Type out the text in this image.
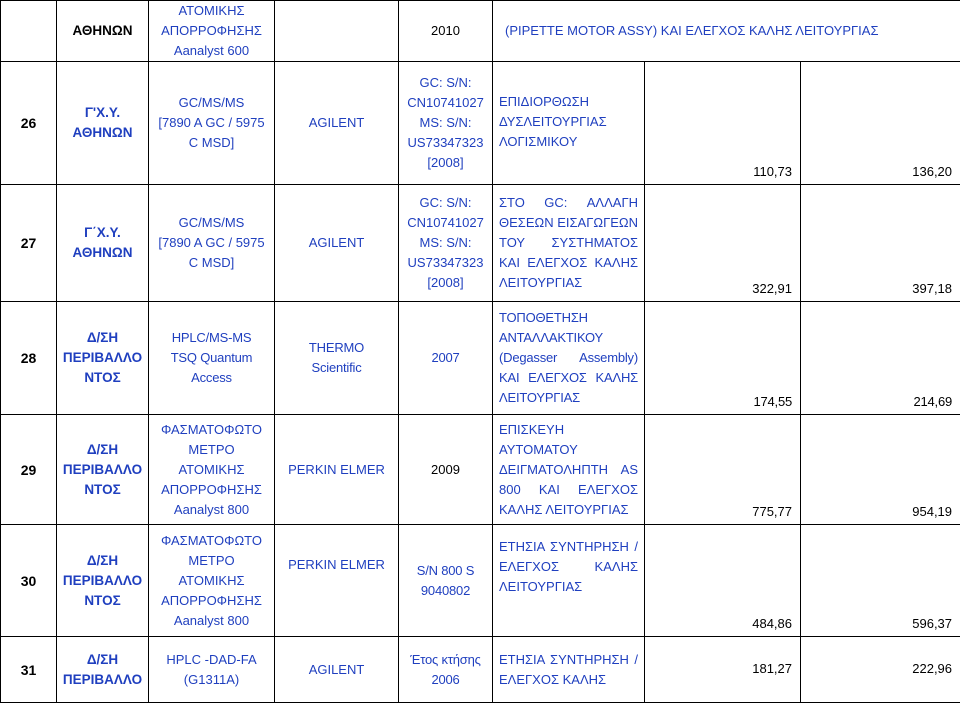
	ΑΘΗΝΩΝ	ΑΤΟΜΙΚΗΣ
ΑΠΟΡΡΟΦΗΣΗΣ
Aanalyst 600		2010	(PIPETTE MOTOR ASSY) ΚΑΙ ΕΛΕΓΧΟΣ ΚΑΛΗΣ ΛΕΙΤΟΥΡΓΙΑΣ		
26	Γ'Χ.Υ.
ΑΘΗΝΩΝ	GC/MS/MS
[7890 A GC / 5975
C MSD]	AGILENT	GC: S/N:
CN10741027
MS: S/N:
US73347323
[2008]	ΕΠΙΔΙΟΡΘΩΣΗ
ΔΥΣΛΕΙΤΟΥΡΓΙΑΣ
ΛΟΓΙΣΜΙΚΟΥ	110,73	136,20
27	Γ΄Χ.Υ.
ΑΘΗΝΩΝ	GC/MS/MS
[7890 A GC / 5975
C MSD]	AGILENT	GC: S/N:
CN10741027
MS: S/N:
US73347323
[2008]	ΣΤΟ GC: ΑΛΛΑΓΗ ΘΕΣΕΩΝ ΕΙΣΑΓΩΓΕΩΝ ΤΟΥ ΣΥΣΤΗΜΑΤΟΣ ΚΑΙ ΕΛΕΓΧΟΣ ΚΑΛΗΣ ΛΕΙΤΟΥΡΓΙΑΣ	322,91	397,18
28	Δ/ΣΗ
ΠΕΡΙΒΑΛΛΟ
ΝΤΟΣ	HPLC/MS-MS
TSQ Quantum
Access	THERMO
Scientific	2007	ΤΟΠΟΘΕΤΗΣΗ ΑΝΤΑΛΛΑΚΤΙΚΟΥ (Degasser Assembly) ΚΑΙ ΕΛΕΓΧΟΣ ΚΑΛΗΣ ΛΕΙΤΟΥΡΓΙΑΣ	174,55	214,69
29	Δ/ΣΗ
ΠΕΡΙΒΑΛΛΟ
ΝΤΟΣ	ΦΑΣΜΑΤΟΦΩΤΟ
ΜΕΤΡΟ
ΑΤΟΜΙΚΗΣ
ΑΠΟΡΡΟΦΗΣΗΣ
Aanalyst 800	PERKIN ELMER	2009	ΕΠΙΣΚΕΥΗ ΑΥΤΟΜΑΤΟΥ ΔΕΙΓΜΑΤΟΛΗΠΤΗ AS 800 ΚΑΙ ΕΛΕΓΧΟΣ ΚΑΛΗΣ ΛΕΙΤΟΥΡΓΙΑΣ	775,77	954,19
30	Δ/ΣΗ
ΠΕΡΙΒΑΛΛΟ
ΝΤΟΣ	ΦΑΣΜΑΤΟΦΩΤΟ
ΜΕΤΡΟ
ΑΤΟΜΙΚΗΣ
ΑΠΟΡΡΟΦΗΣΗΣ
Aanalyst 800	PERKIN ELMER	S/N 800 S
9040802	ΕΤΗΣΙΑ ΣΥΝΤΗΡΗΣΗ / ΕΛΕΓΧΟΣ ΚΑΛΗΣ ΛΕΙΤΟΥΡΓΙΑΣ	484,86	596,37
31	Δ/ΣΗ
ΠΕΡΙΒΑΛΛΟ	HPLC -DAD-FA
(G1311A)	AGILENT	Έτος κτήσης
2006	ΕΤΗΣΙΑ ΣΥΝΤΗΡΗΣΗ / ΕΛΕΓΧΟΣ ΚΑΛΗΣ	181,27	222,96
